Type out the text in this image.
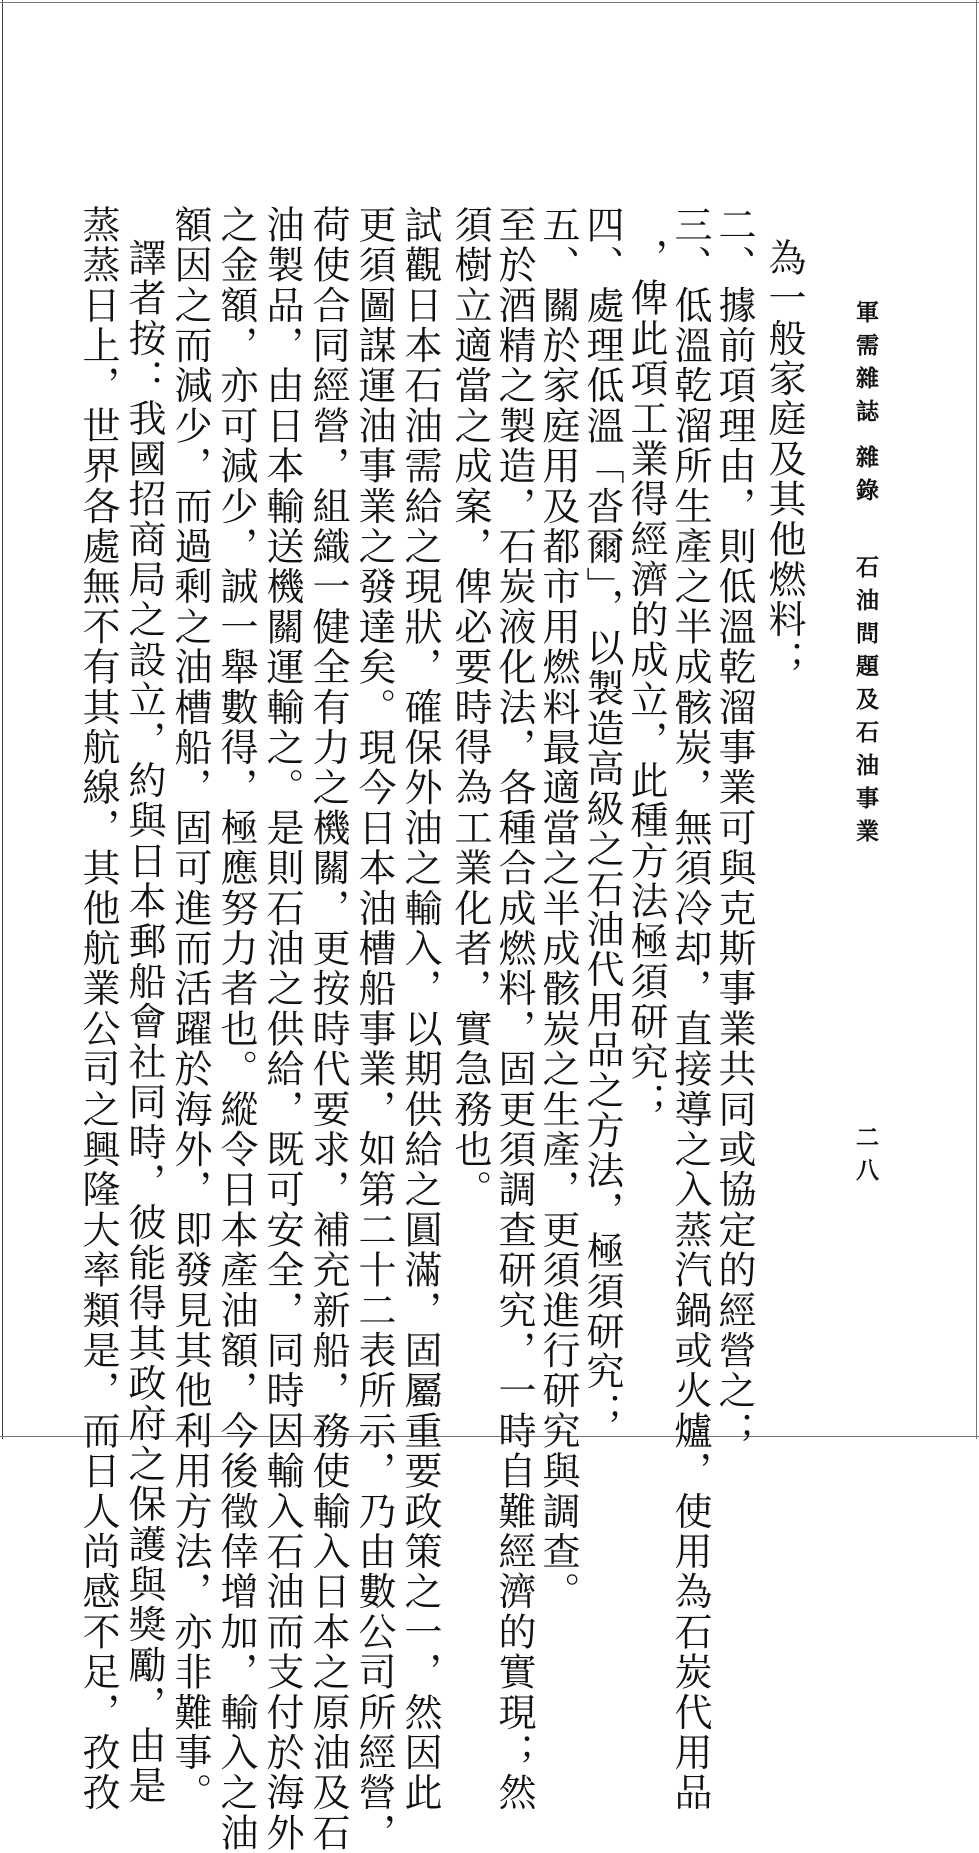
軍需雜誌
雜錄
石油問題及石油事業
二八
為一般家庭及其他燃料；
二、據前項理由，則低溫乾溜事業可與克斯事業共同或協定的經營之；
三、低溫乾溜所生產之半成骸炭，無須冷却，直接導之入蒸汽鍋或火爐，使用為石炭代用品
，俾此項工業得經濟的成立，此種方法極須研究；
四、處理低溫「沓爾」，以製造高級之石油代用品之方法，極須研究；
五、關於家庭用及都市用燃料最適當之半成骸炭之生產，更須進行研究與調查。
至於酒精之製造，石炭液化法，各種合成燃料，固更須調查研究，一時自難經濟的實現；然
須樹立適當之成案，俾必要時得為工業化者，實急務也。
試觀日本石油需給之現狀，確保外油之輸入，以期供給之圓滿，固屬重要政策之一，然因此
更須圖謀運油事業之發達矣。現今日本油槽船事業，如第二十二表所示，乃由數公司所經營，
荷使合同經營，組織一健全有力之機關，更按時代要求，補充新船，務使輸入日本之原油及石
油製品，由日本輸送機關運輸之。是則石油之供給，既可安全，同時因輸入石油而支付於海外
之金額，亦可減少，誠一舉數得，極應努力者也。縱令日本產油額，今後徵倖增加，輸入之油
額因之而減少，而過剩之油槽船，固可進而活躍於海外，即發見其他利用方法，亦非難事。
譯者按：我國招商局之設立，約與日本郵船會社同時，彼能得其政府之保護與獎勵，由是
蒸蒸日上，世界各處無不有其航線，其他航業公司之興隆大率類是，而日人尚感不足，孜孜
